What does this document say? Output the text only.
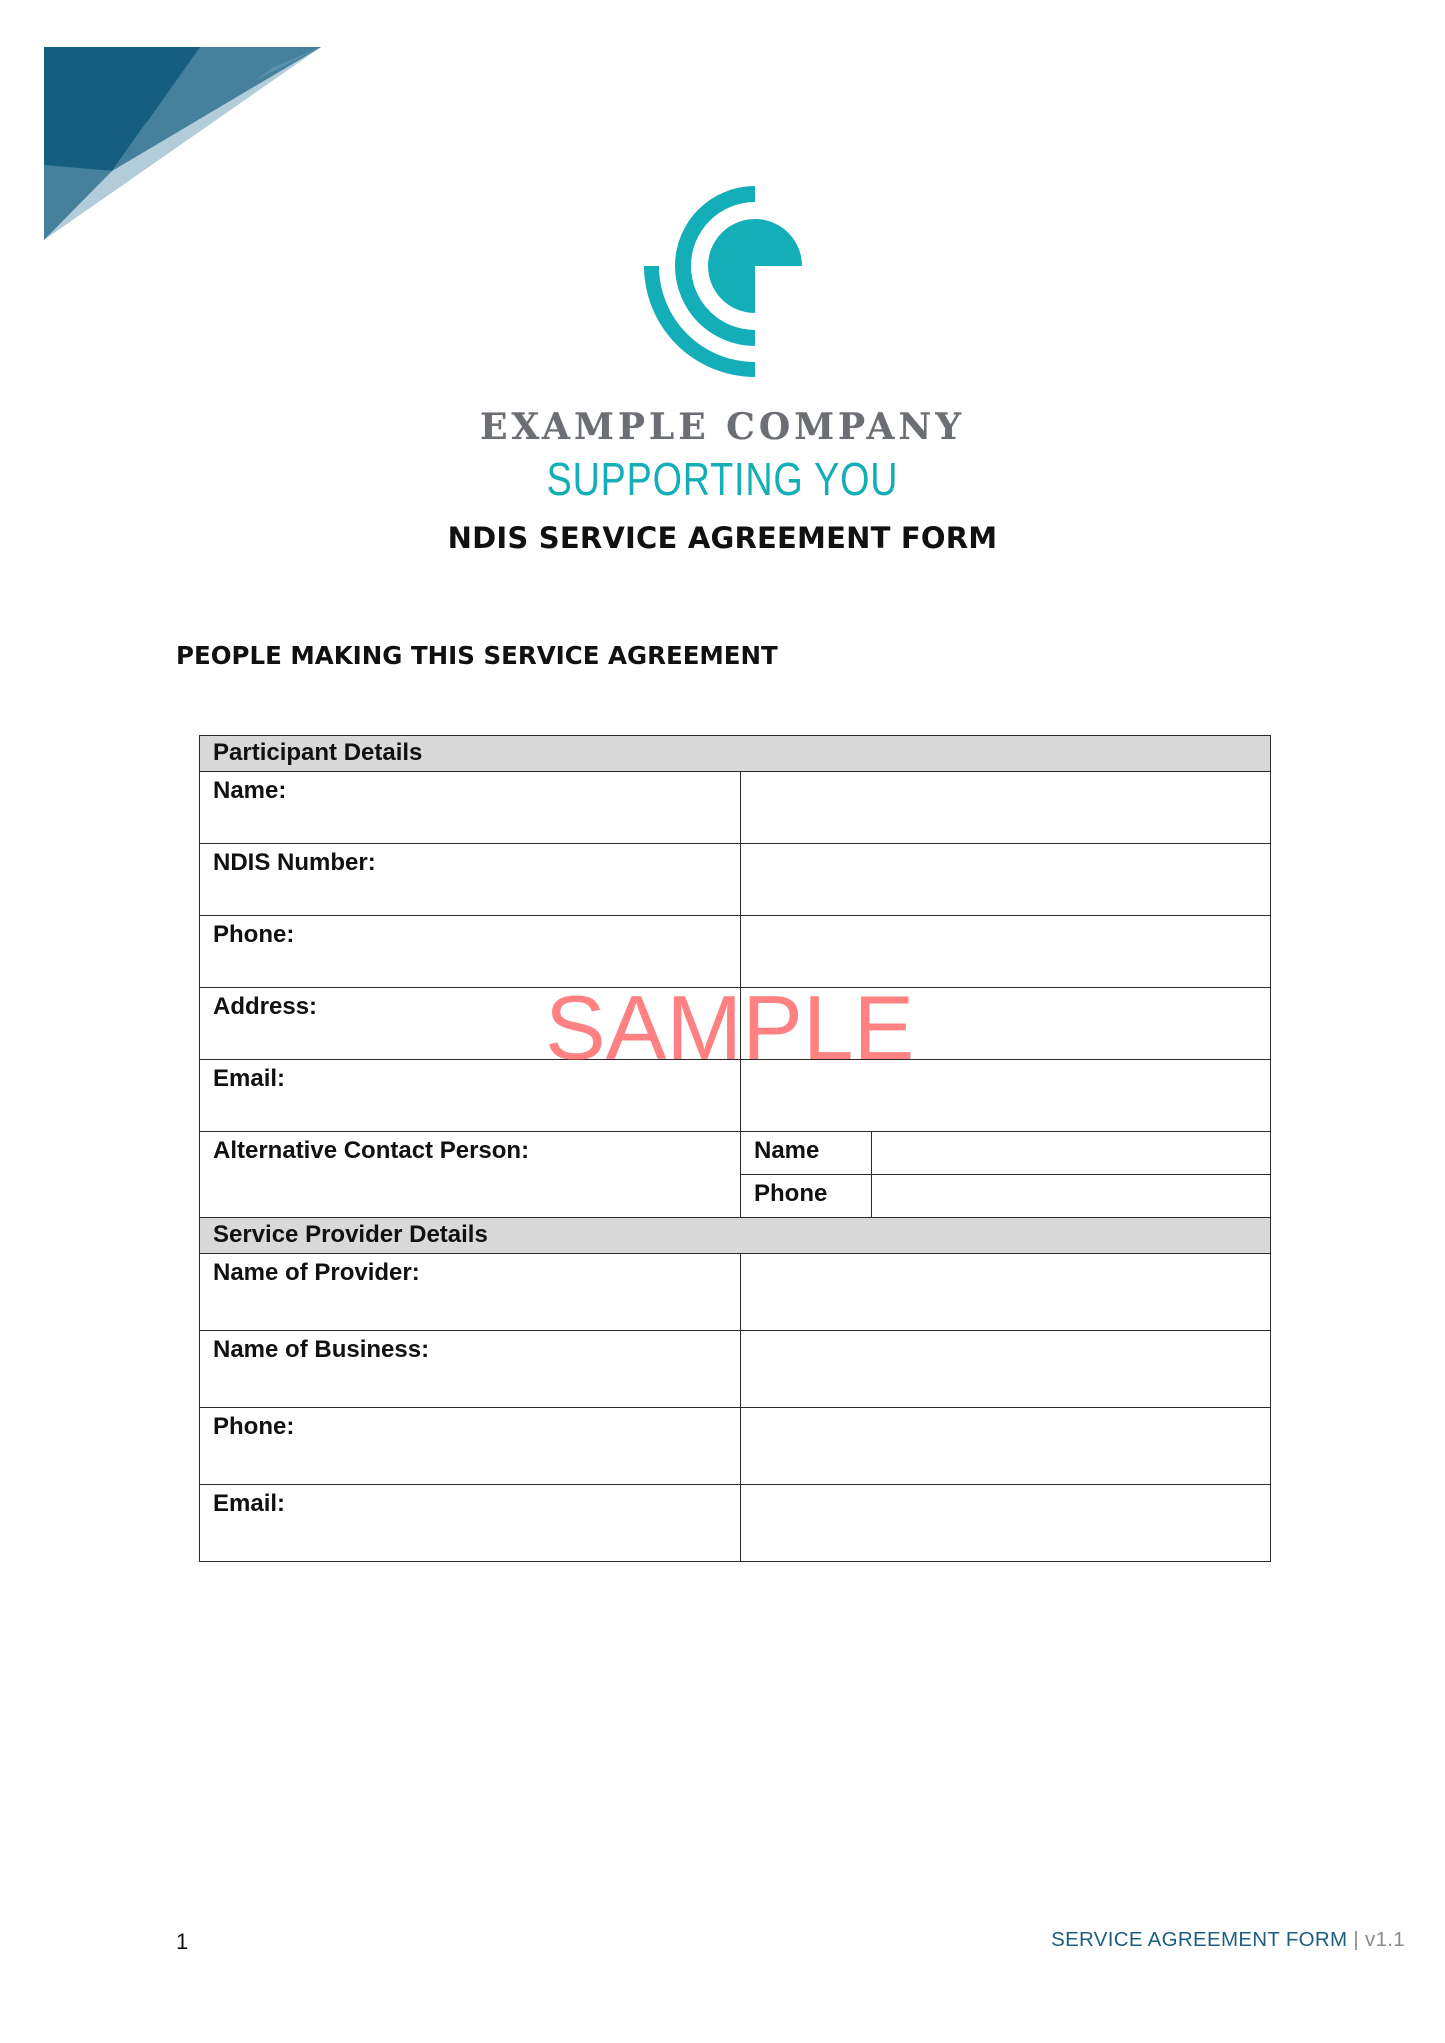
EXAMPLE COMPANY
SUPPORTING YOU
NDIS SERVICE AGREEMENT FORM
PEOPLE MAKING THIS SERVICE AGREEMENT
Participant Details		
Name:		
NDIS Number:		
Phone:		
Address:		
Email:		
Alternative Contact Person:	Name	
	Phone	
Service Provider Details		
Name of Provider:		
Name of Business:		
Phone:		
Email:		
SAMPLE
1	SERVICE AGREEMENT FORM | v1.1
